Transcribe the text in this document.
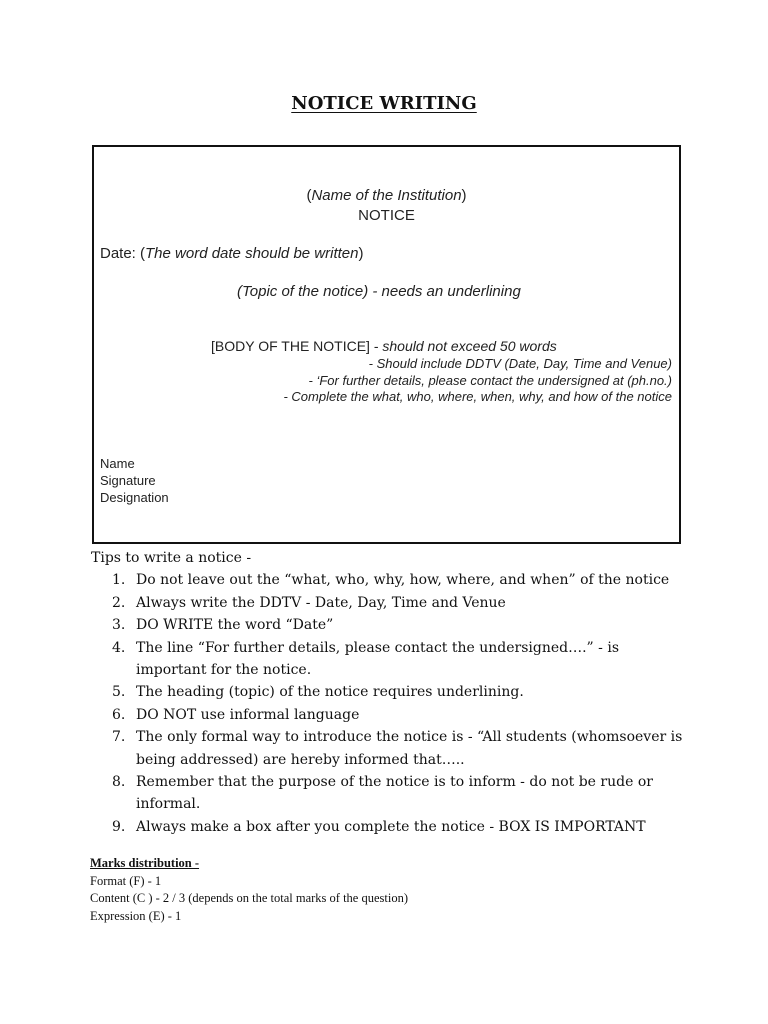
NOTICE WRITING
(Name of the Institution)
NOTICE
Date: (The word date should be written)
(Topic of the notice) - needs an underlining
[BODY OF THE NOTICE] - should not exceed 50 words
- Should include DDTV (Date, Day, Time and Venue)
- ‘For further details, please contact the undersigned at (ph.no.)
- Complete the what, who, where, when, why, and how of the notice
Name
Signature
Designation

Tips to write a notice -

1. Do not leave out the “what, who, why, how, where, and when” of the notice
2. Always write the DDTV - Date, Day, Time and Venue
3. DO WRITE the word “Date”
4. The line “For further details, please contact the undersigned….” - is important for the notice.
5. The heading (topic) of the notice requires underlining.
6. DO NOT use informal language
7. The only formal way to introduce the notice is - “All students (whomsoever is being addressed) are hereby informed that…..
8. Remember that the purpose of the notice is to inform - do not be rude or informal.
9. Always make a box after you complete the notice - BOX IS IMPORTANT
Marks distribution -
Format (F) - 1
Content (C ) - 2 / 3 (depends on the total marks of the question)
Expression (E) - 1
